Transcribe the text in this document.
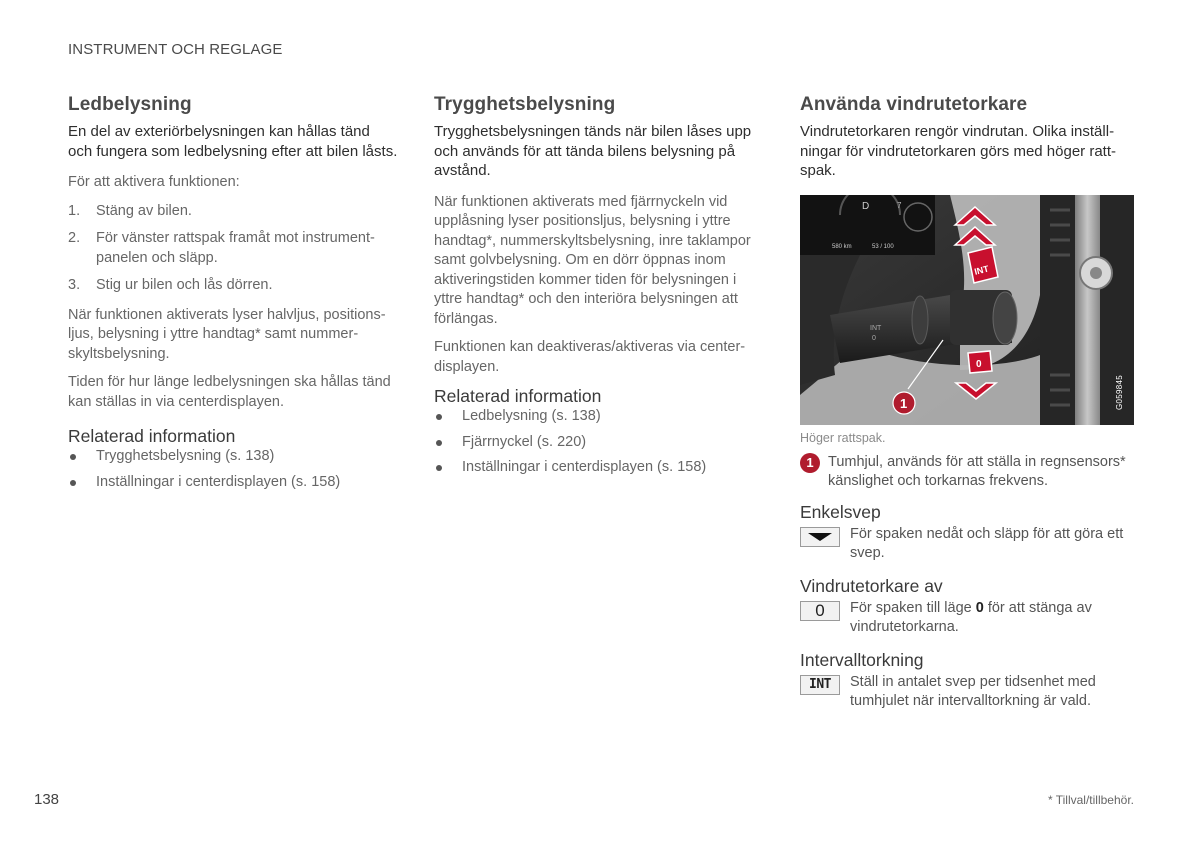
INSTRUMENT OCH REGLAGE
Ledbelysning

En del av exteriörbelysningen kan hållas tänd och fungera som ledbelysning efter att bilen låsts.

För att aktivera funktionen:

1.	Stäng av bilen.
2.	För vänster rattspak framåt mot instrumentpanelen och släpp.
3.	Stig ur bilen och lås dörren.

När funktionen aktiverats lyser halvljus, positionsljus, belysning i yttre handtag* samt nummerskyltsbelysning.

Tiden för hur länge ledbelysningen ska hållas tänd kan ställas in via centerdisplayen.

Relaterad information
Trygghetsbelysning (s. 138)
Inställningar i centerdisplayen (s. 158)
Trygghetsbelysning

Trygghetsbelysningen tänds när bilen låses upp och används för att tända bilens belysning på avstånd.

När funktionen aktiverats med fjärrnyckeln vid upplåsning lyser positionsljus, belysning i yttre handtag*, nummerskyltsbelysning, inre taklampor samt golvbelysning. Om en dörr öppnas inom aktiveringstiden kommer tiden för belysningen i yttre handtag* och den interiöra belysningen att förlängas.

Funktionen kan deaktiveras/aktiveras via centerdisplayen.

Relaterad information
Ledbelysning (s. 138)
Fjärrnyckel (s. 220)
Inställningar i centerdisplayen (s. 158)
Använda vindrutetorkare

Vindrutetorkaren rengör vindrutan. Olika inställningar för vindrutetorkaren görs med höger rattspak.

INT
0
D	7
580 km	53 / 100
INT
0
1	G059845
Höger rattspak.
1 Tumhjul, används för att ställa in regnsensors* känslighet och torkarnas frekvens.
Enkelsvep
För spaken nedåt och släpp för att göra ett svep.
Vindrutetorkare av
0	För spaken till läge 0 för att stänga av vindrutetorkarna.
Intervalltorkning
INT	Ställ in antalet svep per tidsenhet med tumhjulet när intervalltorkning är vald.
138	* Tillval/tillbehör.
